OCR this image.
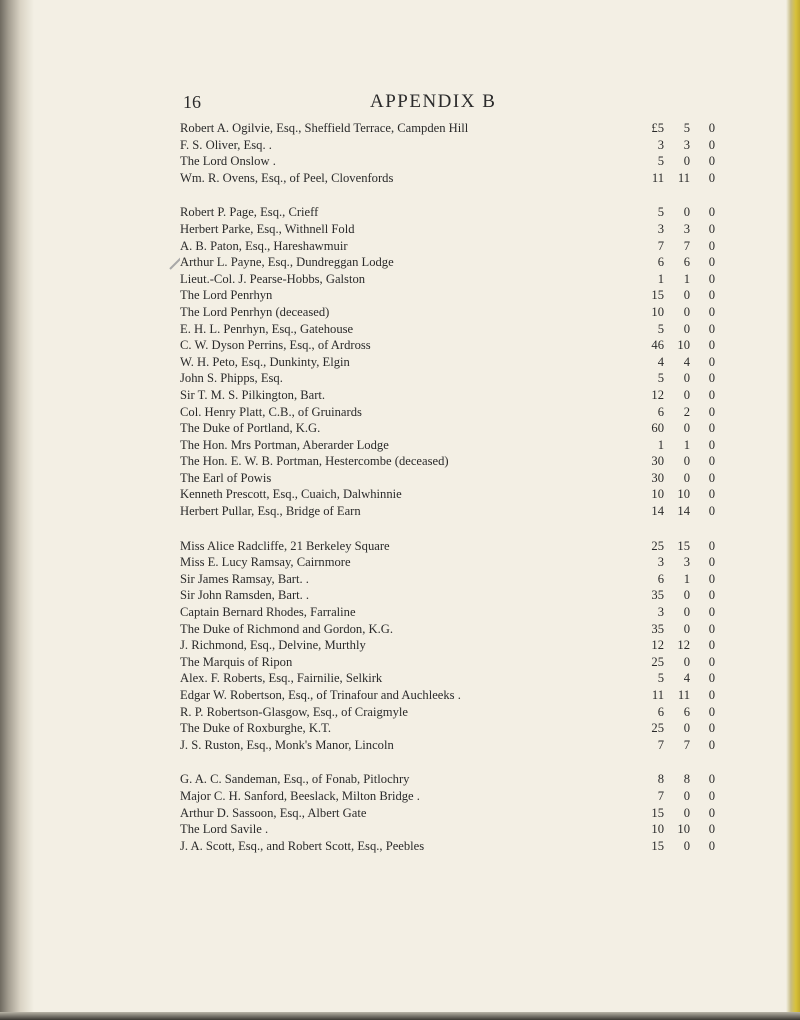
16	APPENDIX B
.
Robert A. Ogilvie, Esq., Sheffield Terrace, Campden Hill	£5	5	0
.
F. S. Oliver, Esq. .	3	3	0
.
The Lord Onslow .	5	0	0
.
Wm. R. Ovens, Esq., of Peel, Clovenfords	11	11	0
.
Robert P. Page, Esq., Crieff	5	0	0
.
Herbert Parke, Esq., Withnell Fold	3	3	0
.
A. B. Paton, Esq., Hareshawmuir	7	7	0
.
Arthur L. Payne, Esq., Dundreggan Lodge	6	6	0
.
Lieut.-Col. J. Pearse-Hobbs, Galston	1	1	0
.
The Lord Penrhyn	15	0	0
.
The Lord Penrhyn (deceased)	10	0	0
.
E. H. L. Penrhyn, Esq., Gatehouse	5	0	0
.
C. W. Dyson Perrins, Esq., of Ardross	46	10	0
.
W. H. Peto, Esq., Dunkinty, Elgin	4	4	0
.
John S. Phipps, Esq.	5	0	0
.
Sir T. M. S. Pilkington, Bart.	12	0	0
.
Col. Henry Platt, C.B., of Gruinards	6	2	0
.
The Duke of Portland, K.G.	60	0	0
.
The Hon. Mrs Portman, Aberarder Lodge	1	1	0
.
The Hon. E. W. B. Portman, Hestercombe (deceased)	30	0	0
.
The Earl of Powis	30	0	0
.
Kenneth Prescott, Esq., Cuaich, Dalwhinnie	10	10	0
.
Herbert Pullar, Esq., Bridge of Earn	14	14	0
.
Miss Alice Radcliffe, 21 Berkeley Square	25	15	0
.
Miss E. Lucy Ramsay, Cairnmore	3	3	0
.
Sir James Ramsay, Bart. .	6	1	0
.
Sir John Ramsden, Bart. .	35	0	0
.
Captain Bernard Rhodes, Farraline	3	0	0
.
The Duke of Richmond and Gordon, K.G.	35	0	0
.
J. Richmond, Esq., Delvine, Murthly	12	12	0
.
The Marquis of Ripon	25	0	0
.
Alex. F. Roberts, Esq., Fairnilie, Selkirk	5	4	0
.
Edgar W. Robertson, Esq., of Trinafour and Auchleeks .	11	11	0
.
R. P. Robertson-Glasgow, Esq., of Craigmyle	6	6	0
.
The Duke of Roxburghe, K.T.	25	0	0
.
J. S. Ruston, Esq., Monk's Manor, Lincoln	7	7	0
.
G. A. C. Sandeman, Esq., of Fonab, Pitlochry	8	8	0
.
Major C. H. Sanford, Beeslack, Milton Bridge .	7	0	0
.
Arthur D. Sassoon, Esq., Albert Gate	15	0	0
.
The Lord Savile .	10	10	0
.
J. A. Scott, Esq., and Robert Scott, Esq., Peebles	15	0	0
